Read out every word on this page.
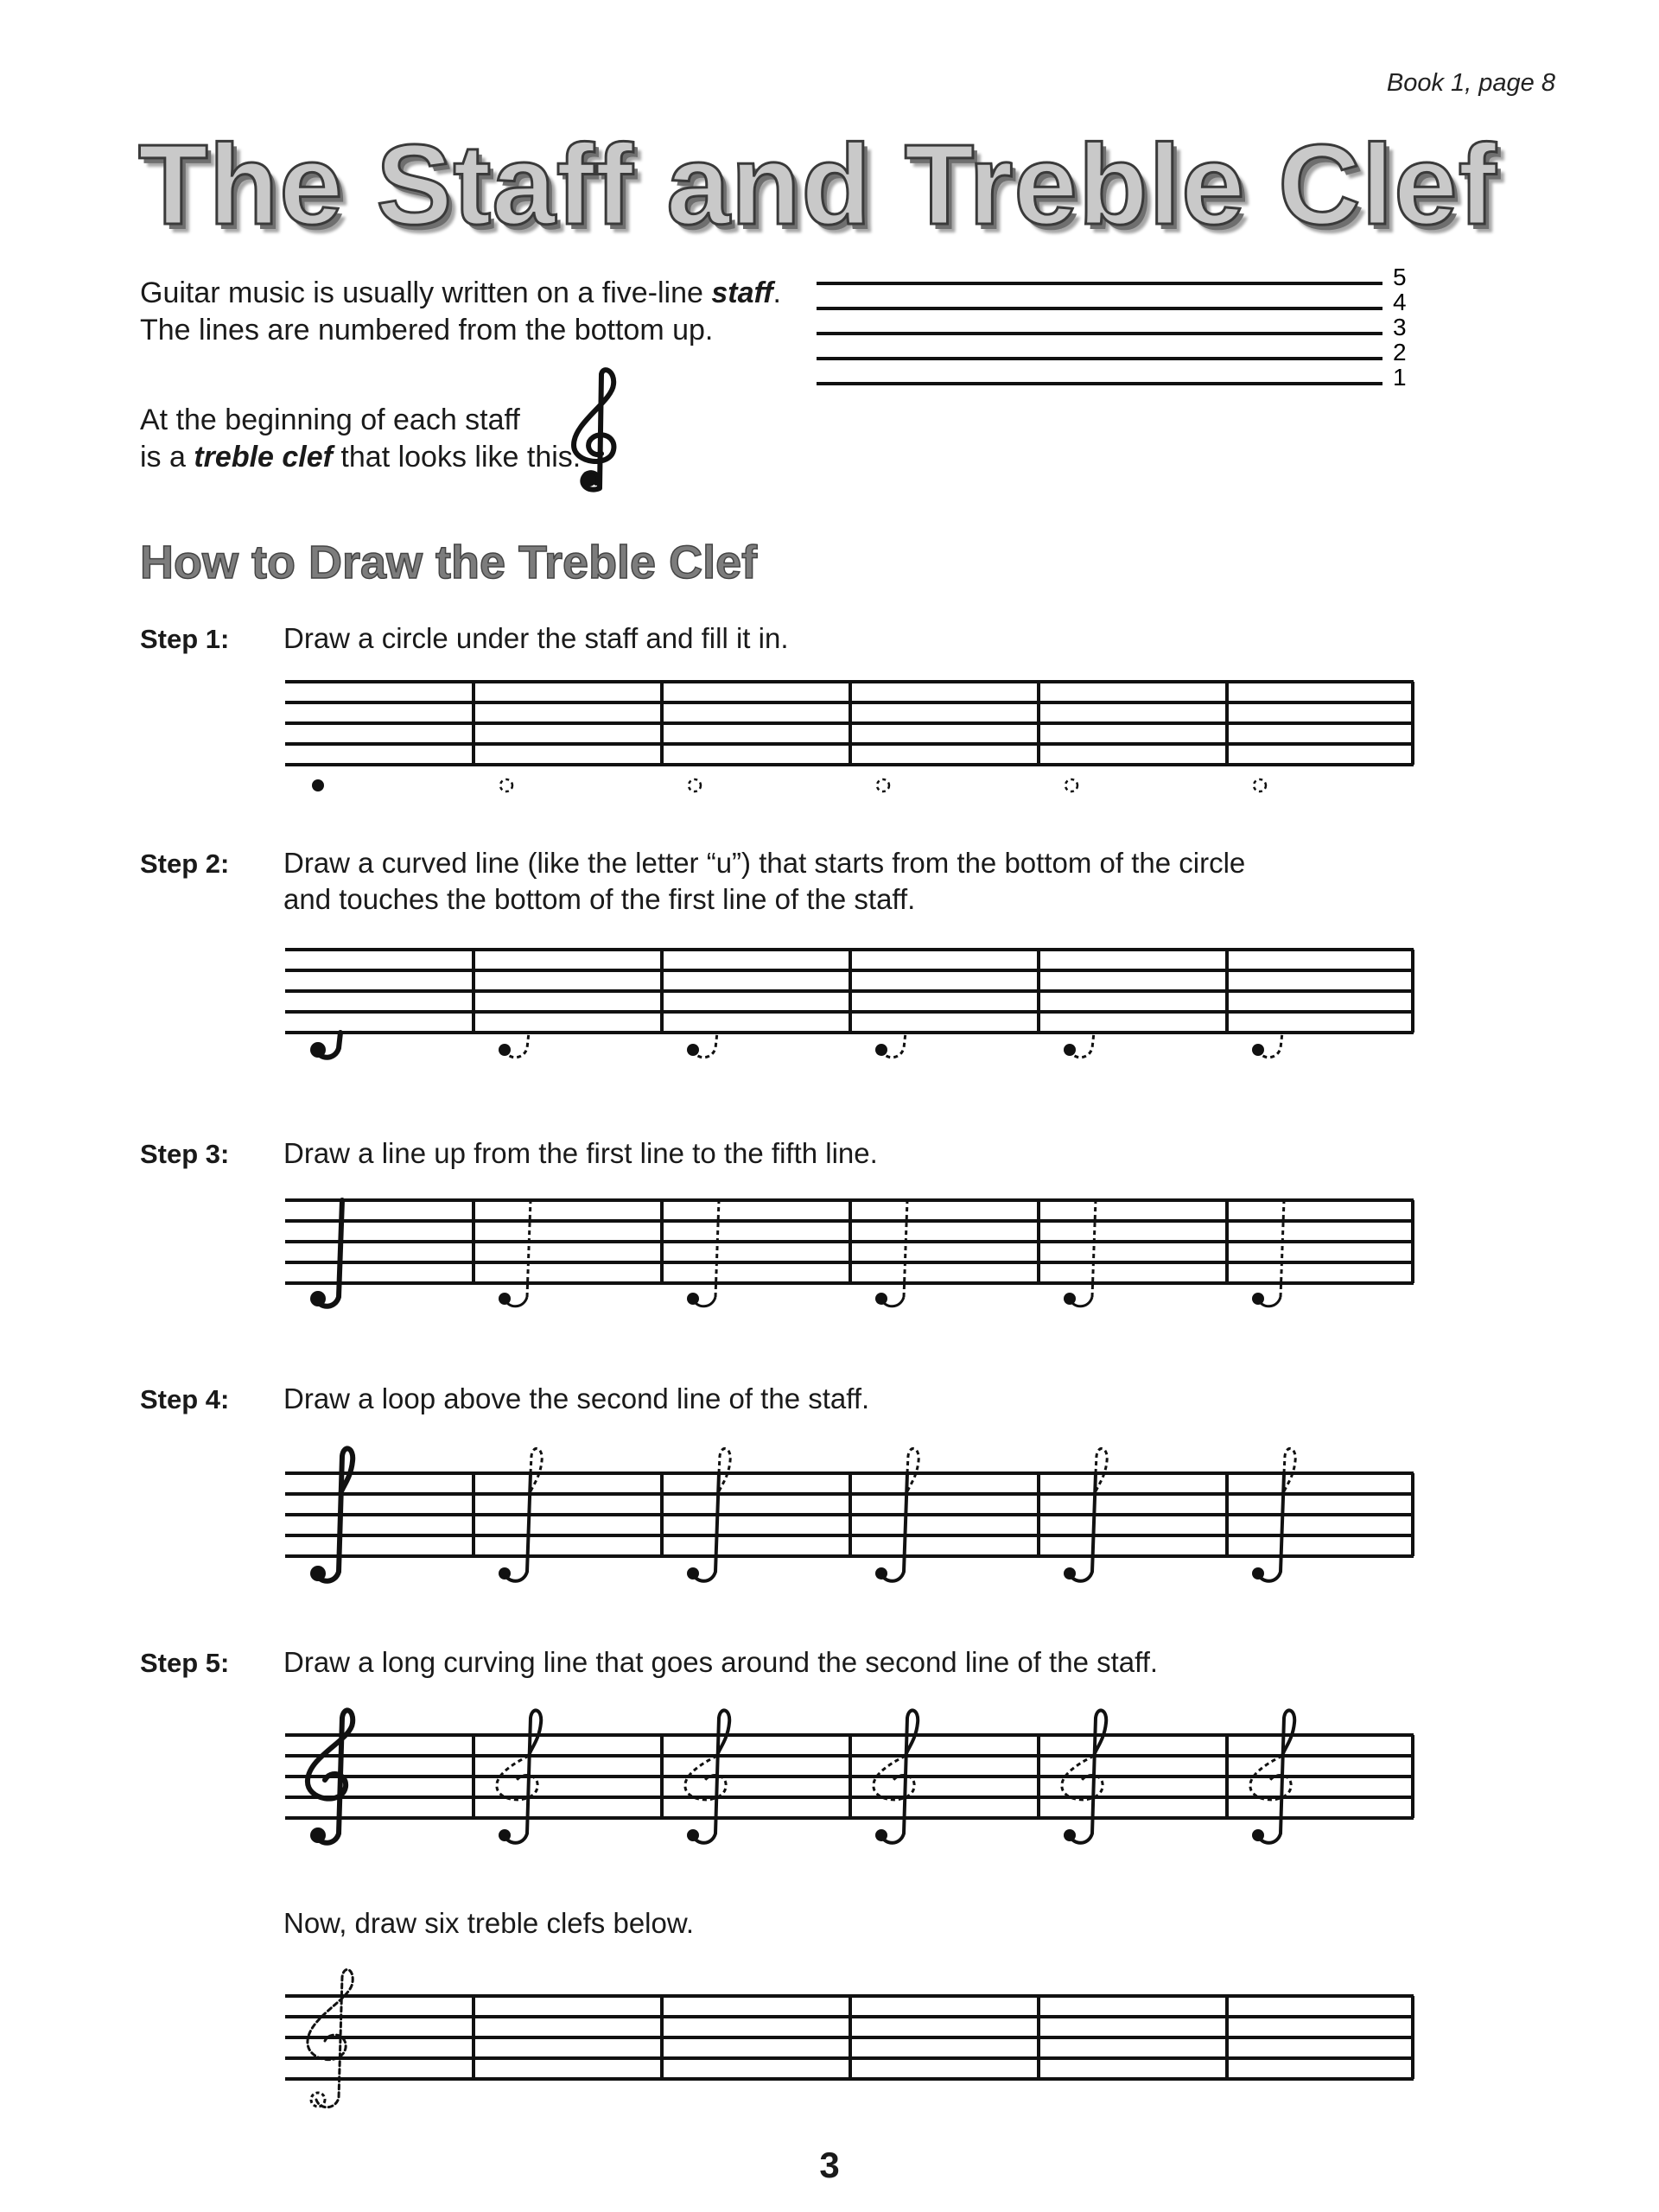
Book 1, page 8
The Staff and Treble Clef
Guitar music is usually written on a five-line staff.
The lines are numbered from the bottom up.
At the beginning of each staff
is a treble clef that looks like this:
5
4
3
2
1
How to Draw the Treble Clef
Step 1: Draw a circle under the staff and fill it in.
Step 2: Draw a curved line (like the letter “u”) that starts from the bottom of the circle
and touches the bottom of the first line of the staff.
Step 3: Draw a line up from the first line to the fifth line.
Step 4: Draw a loop above the second line of the staff.
Step 5: Draw a long curving line that goes around the second line of the staff.
Now, draw six treble clefs below.
3
